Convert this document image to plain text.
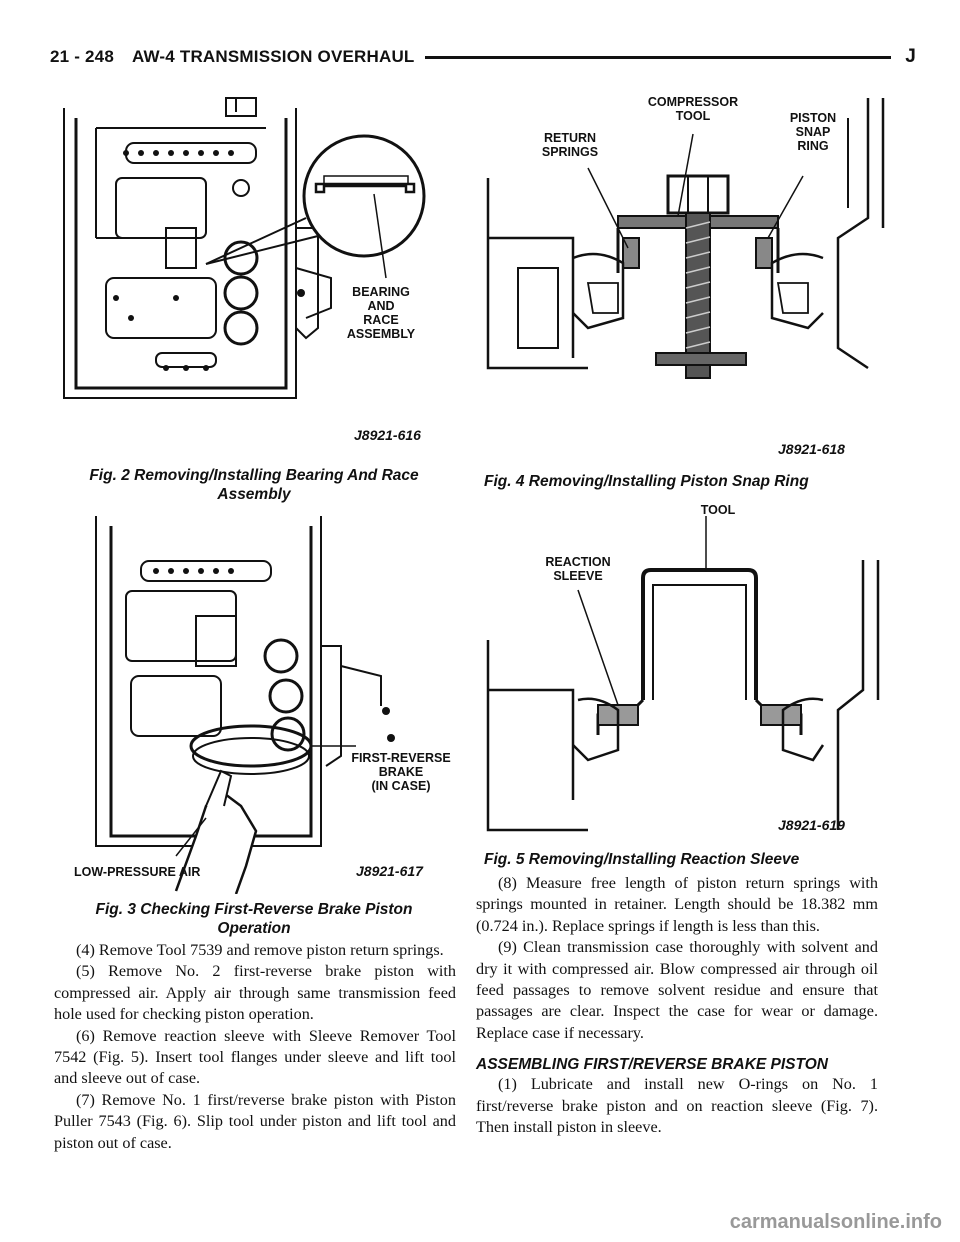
21 - 248 AW-4 TRANSMISSION OVERHAUL	J
BEARING
AND
RACE
ASSEMBLY
J8921-616
Fig. 2 Removing/Installing Bearing And Race
Assembly
FIRST-REVERSE
BRAKE
(IN CASE)
LOW-PRESSURE AIR	J8921-617
Fig. 3 Checking First-Reverse Brake Piston
Operation
COMPRESSOR
TOOL
RETURN
SPRINGS
PISTON
SNAP
RING
J8921-618
Fig. 4 Removing/Installing Piston Snap Ring
TOOL
REACTION
SLEEVE
J8921-619
Fig. 5 Removing/Installing Reaction Sleeve

(4) Remove Tool 7539 and remove piston return springs.

(5) Remove No. 2 first-reverse brake piston with compressed air. Apply air through same transmission feed hole used for checking piston operation.

(6) Remove reaction sleeve with Sleeve Remover Tool 7542 (Fig. 5). Insert tool flanges under sleeve and lift tool and sleeve out of case.

(7) Remove No. 1 first/reverse brake piston with Piston Puller 7543 (Fig. 6). Slip tool under piston and lift tool and piston out of case.

(8) Measure free length of piston return springs with springs mounted in retainer. Length should be 18.382 mm (0.724 in.). Replace springs if length is less than this.

(9) Clean transmission case thoroughly with solvent and dry it with compressed air. Blow compressed air through oil feed passages to remove solvent residue and ensure that passages are clear. Inspect the case for wear or damage. Replace case if necessary.

ASSEMBLING FIRST/REVERSE BRAKE PISTON

(1) Lubricate and install new O-rings on No. 1 first/reverse brake piston and on reaction sleeve (Fig. 7). Then install piston in sleeve.

carmanualsonline.info
